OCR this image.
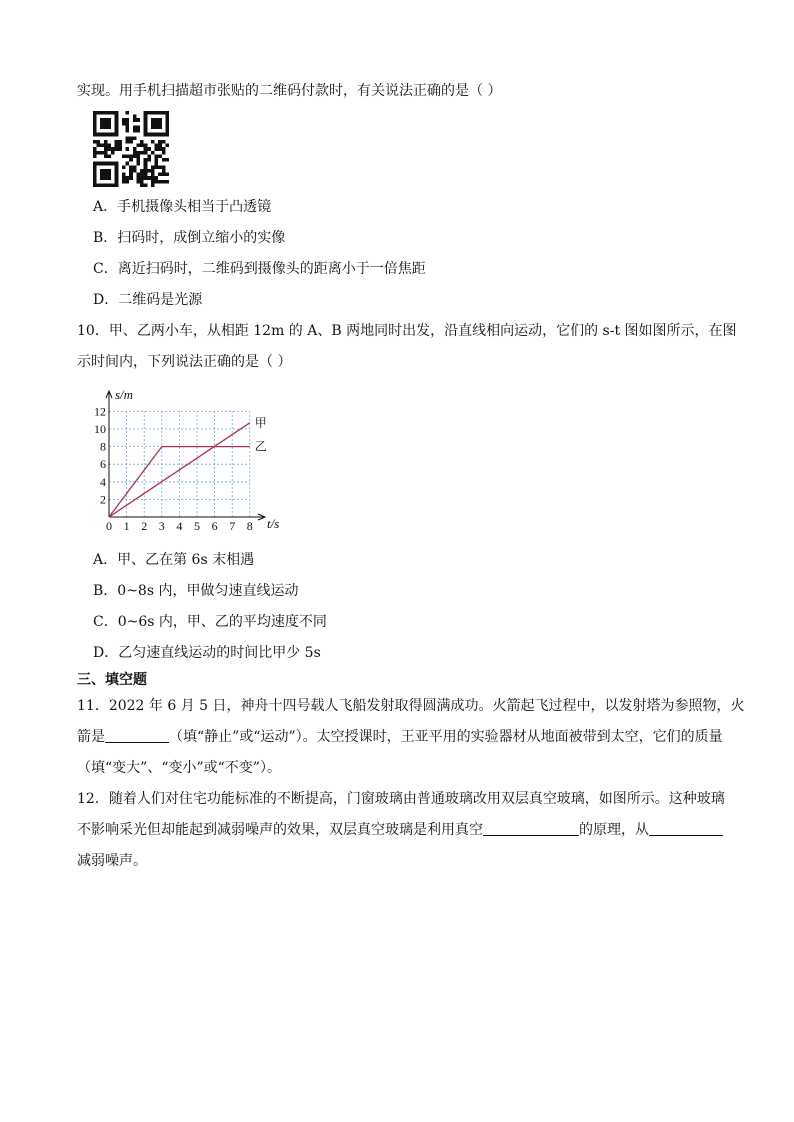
实现。用手机扫描超市张贴的二维码付款时，有关说法正确的是（ ）
A．手机摄像头相当于凸透镜
B．扫码时，成倒立缩小的实像
C．离近扫码时，二维码到摄像头的距离小于一倍焦距
D．二维码是光源
10．甲、乙两小车，从相距 12m 的 A、B 两地同时出发，沿直线相向运动，它们的 s-t 图如图所示，在图
示时间内，下列说法正确的是（ ）
0 1 2 3 4 5 6 7 8
2
4
6
8
10
12
甲
乙
s/m
t/s
A．甲、乙在第 6s 末相遇
B．0~8s 内，甲做匀速直线运动
C．0~6s 内，甲、乙的平均速度不同
D．乙匀速直线运动的时间比甲少 5s
三、填空题
11．2022 年 6 月 5 日，神舟十四号载人飞船发射取得圆满成功。火箭起飞过程中，以发射塔为参照物，火
箭是	（填“静止”或“运动”）。太空授课时，王亚平用的实验器材从地面被带到太空，它们的质量
（填“变大”、“变小”或“不变”）。
12．随着人们对住宅功能标准的不断提高，门窗玻璃由普通玻璃改用双层真空玻璃，如图所示。这种玻璃
不影响采光但却能起到减弱噪声的效果，双层真空玻璃是利用真空	的原理，从
减弱噪声。
